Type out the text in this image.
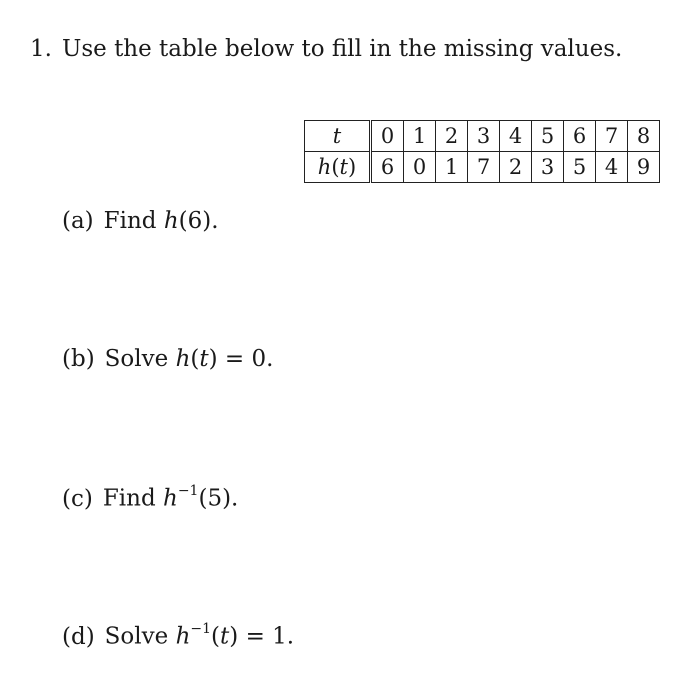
1. Use the table below to fill in the missing values.
t	0	1	2	3	4	5	6	7	8
h(t)	6	0	1	7	2	3	5	4	9
(a) Find h(6).
(b) Solve h(t) = 0.
(c) Find $h^{-1}(5)$.
(d) Solve $h^{-1}(t) = 1$.
